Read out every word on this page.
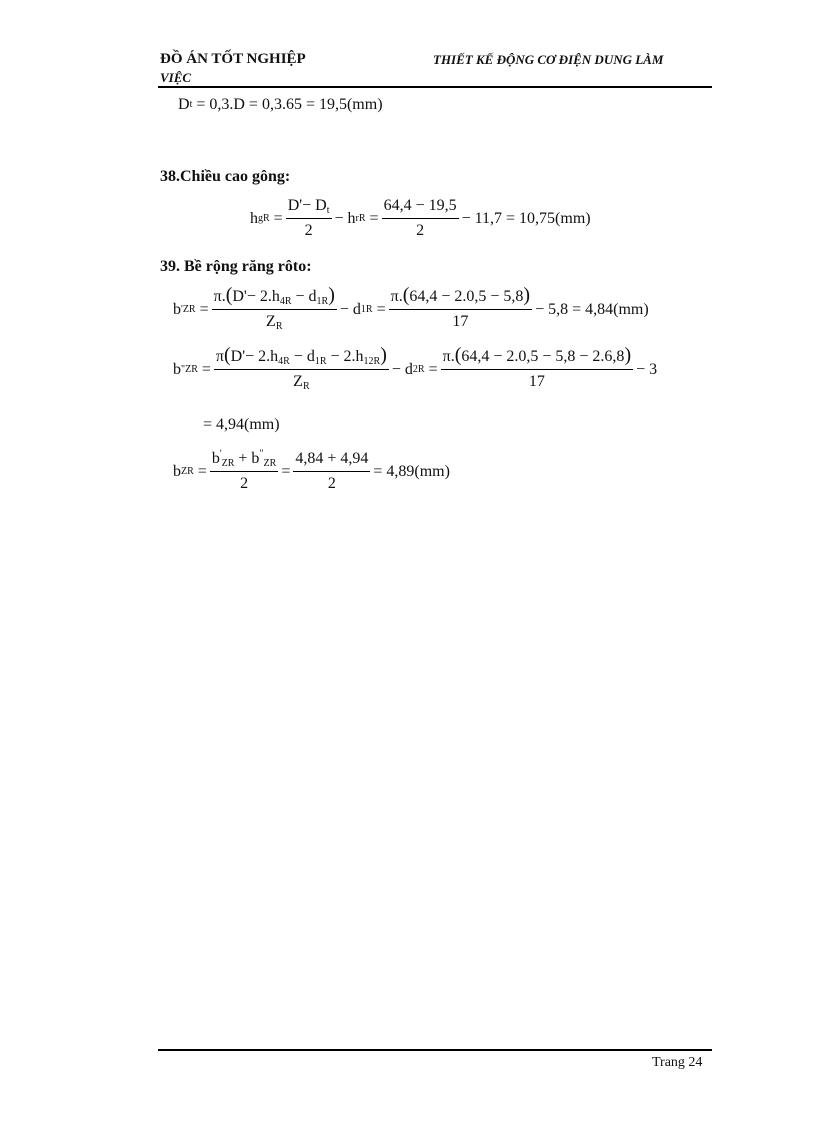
ĐỒ ÁN TỐT NGHIỆP
VIỆC
THIẾT KẾ ĐỘNG CƠ ĐIỆN DUNG LÀM
D t = 0,3.D = 0,3.65 = 19,5(mm)
38.Chiều cao gông:
h gR = $\frac{D'- D_t}{2} - h$ rR = $\frac{64,4 - 19,5}{2} - 11,7 = 10,75(mm)$
39. Bề rộng răng rôto:
b ' ZR = $\frac{\pi.(D'- 2.h_{4R} - d_{1R})}{Z_R} - d$ $1R = \frac{\pi.(64,4 - 2.0,5 - 5,8)}{17} - 5,8 = 4,84(mm)$
b " ZR = $\frac{\pi(D'- 2.h_{4R} - d_{1R} - 2.h_{12R})}{Z_R} - d$ $2R = \frac{\pi.(64,4 - 2.0,5 - 5,8 - 2.6,8)}{17} - 3$
= 4,94(mm)
b ZR = $\frac{b'_{ZR} + b^"_{ZR}}{2} = \frac{4,84 + 4,94}{2} = 4,89(mm)$
Trang 24
